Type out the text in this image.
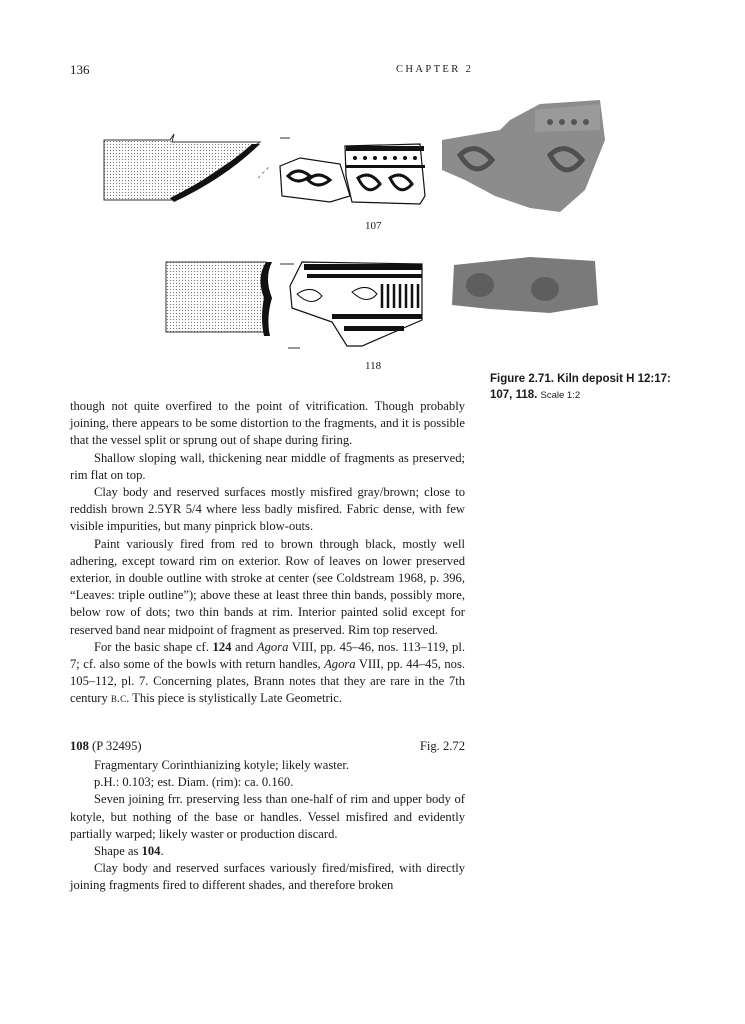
136	CHAPTER 2
107
118
Figure 2.71. Kiln deposit H 12:17: 107, 118. Scale 1:2

though not quite overfired to the point of vitrification. Though probably joining, there appears to be some distortion to the fragments, and it is possible that the vessel split or sprung out of shape during firing.

Shallow sloping wall, thickening near middle of fragments as preserved; rim flat on top.

Clay body and reserved surfaces mostly misfired gray/brown; close to reddish brown 2.5YR 5/4 where less badly misfired. Fabric dense, with few visible impurities, but many pinprick blow-outs.

Paint variously fired from red to brown through black, mostly well adhering, except toward rim on exterior. Row of leaves on lower preserved exterior, in double outline with stroke at center (see Coldstream 1968, p. 396, “Leaves: triple outline”); above these at least three thin bands, possibly more, below row of dots; two thin bands at rim. Interior painted solid except for reserved band near midpoint of fragment as preserved. Rim top reserved.

For the basic shape cf. 124 and Agora VIII, pp. 45–46, nos. 113–119, pl. 7; cf. also some of the bowls with return handles, Agora VIII, pp. 44–45, nos. 105–112, pl. 7. Concerning plates, Brann notes that they are rare in the 7th century b.c. This piece is stylistically Late Geometric.

108 (P 32495)	Fig. 2.72

Fragmentary Corinthianizing kotyle; likely waster.

p.H.: 0.103; est. Diam. (rim): ca. 0.160.

Seven joining frr. preserving less than one-half of rim and upper body of kotyle, but nothing of the base or handles. Vessel misfired and evidently partially warped; likely waster or production discard.

Shape as 104.

Clay body and reserved surfaces variously fired/misfired, with directly joining fragments fired to different shades, and therefore broken
